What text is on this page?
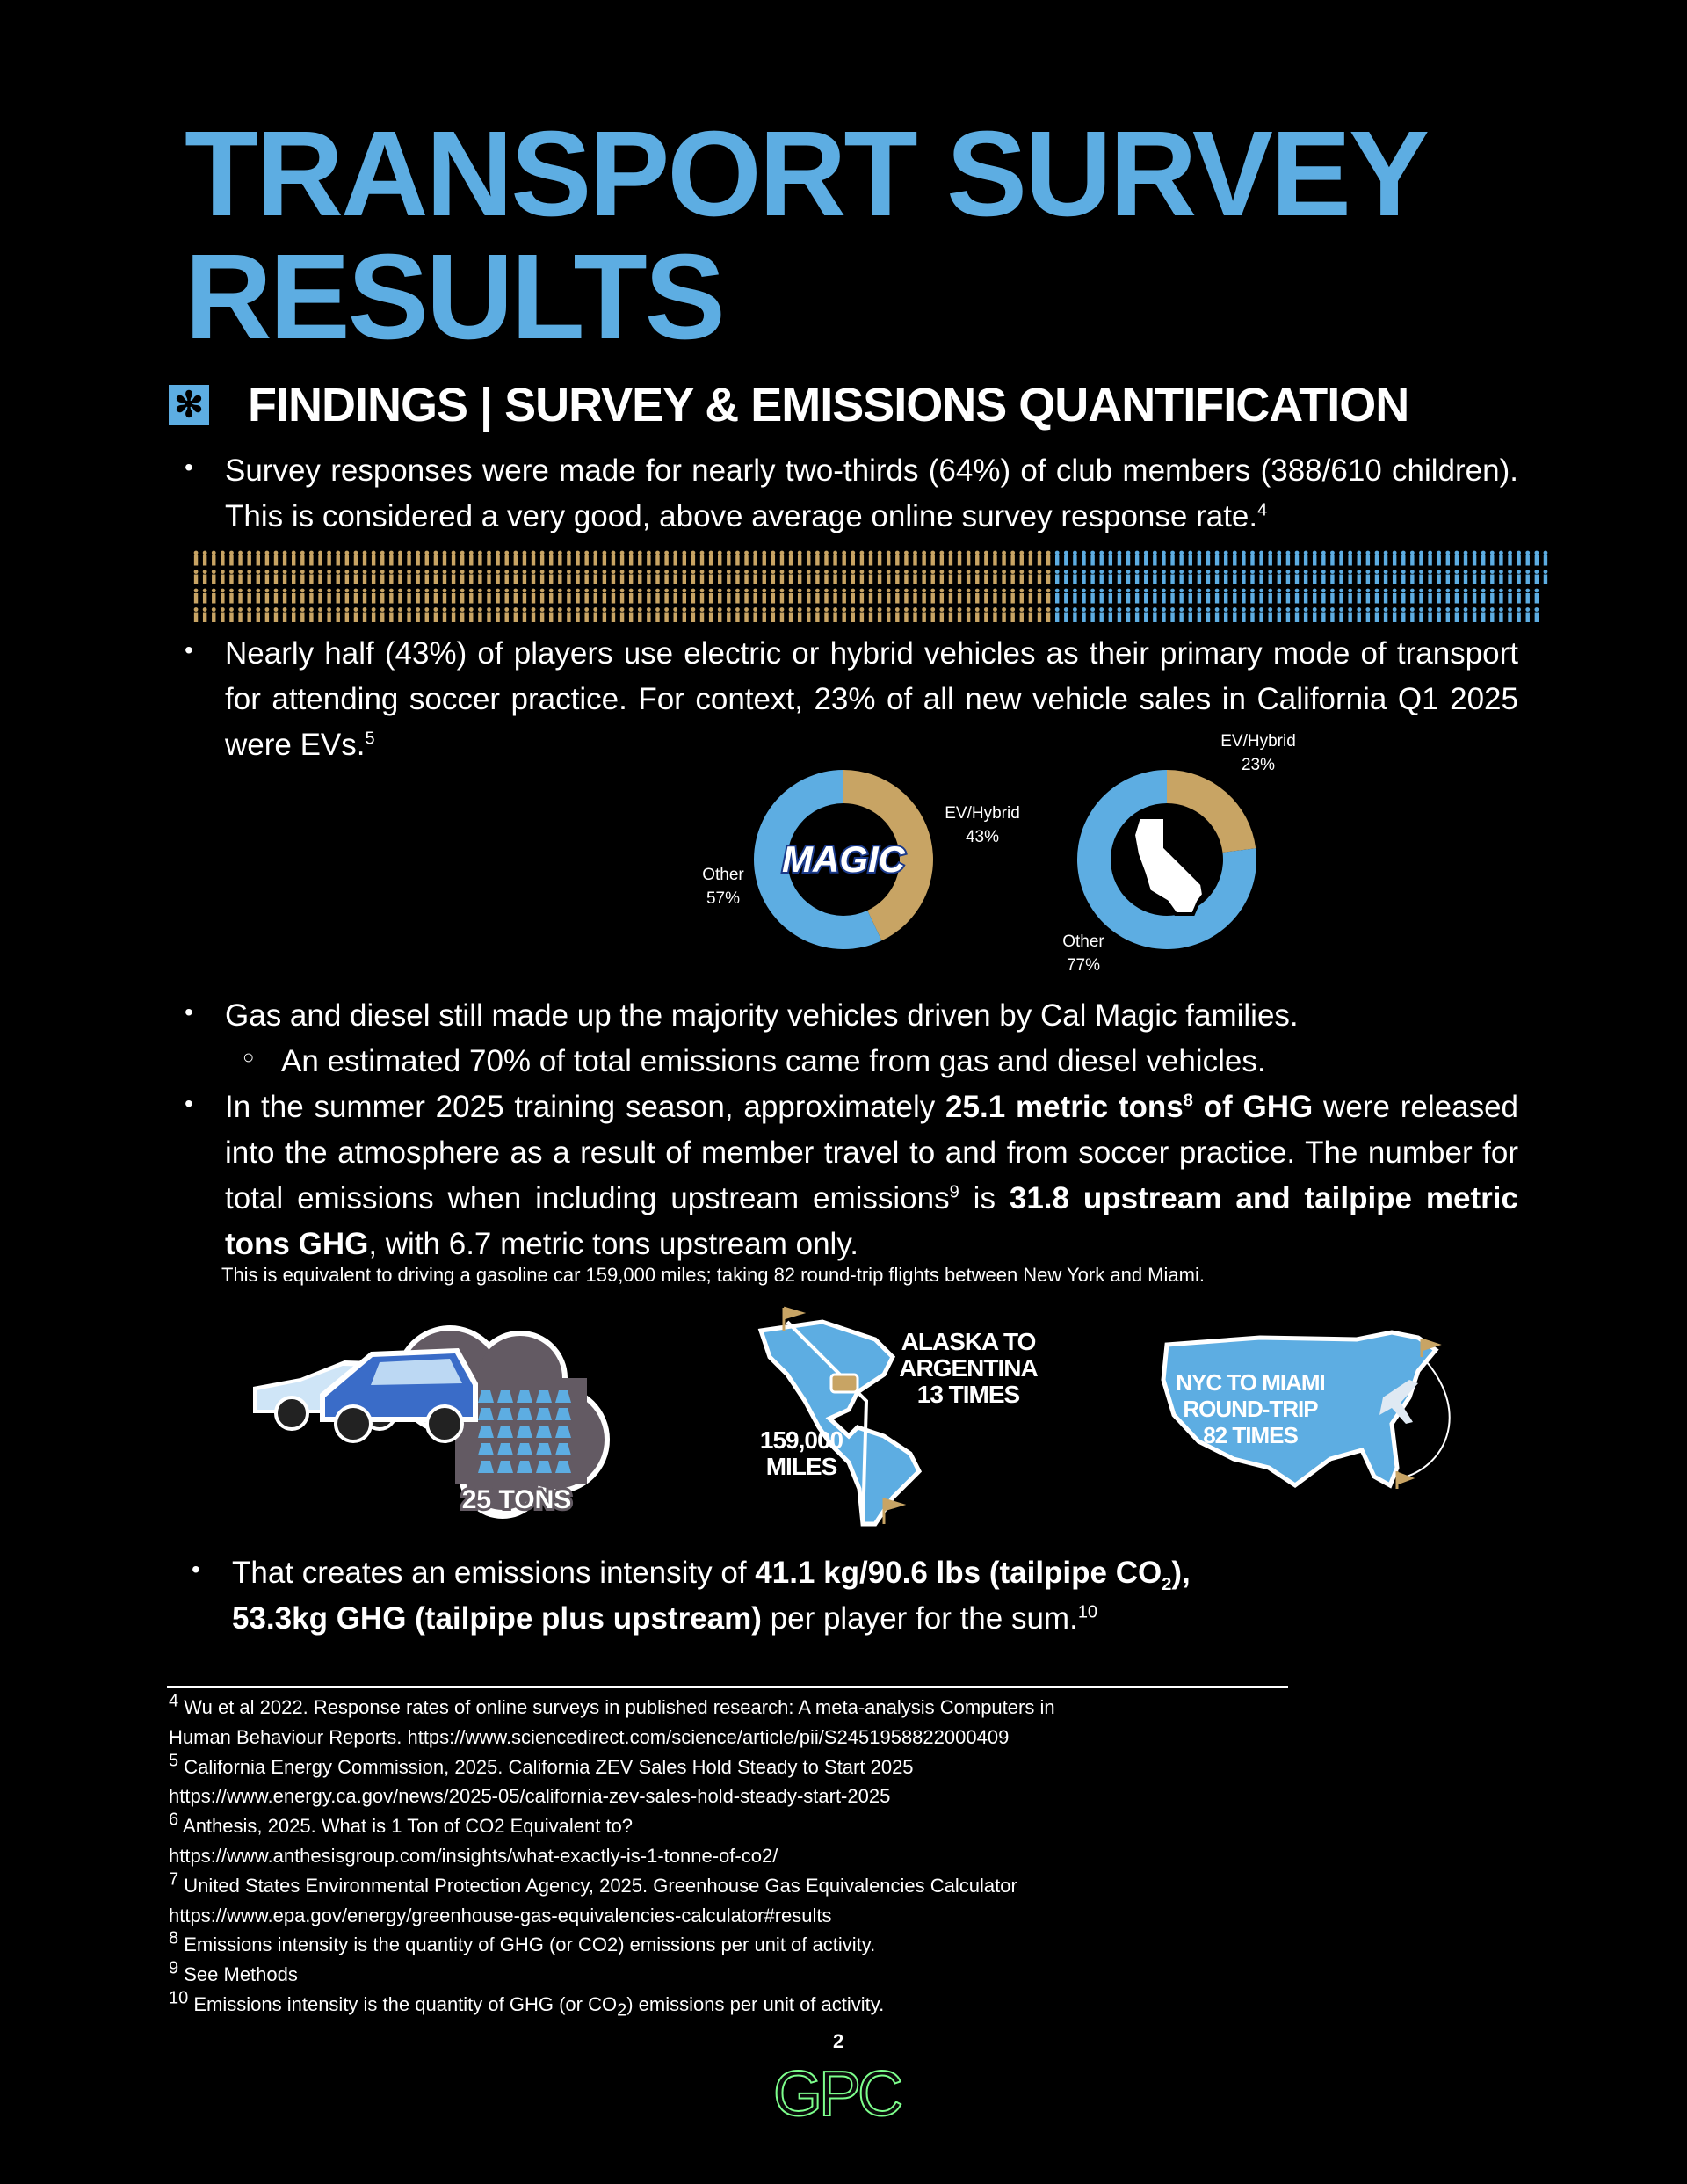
TRANSPORT SURVEY
RESULTS
✻ FINDINGS | SURVEY & EMISSIONS QUANTIFICATION
• Survey responses were made for nearly two-thirds (64%) of club members (388/610 children). This is considered a very good, above average online survey response rate.$^4$
• Nearly half (43%) of players use electric or hybrid vehicles as their primary mode of transport for attending soccer practice. For context, 23% of all new vehicle sales in California Q1 2025 were EVs.$^5$
MAGIC
EV/Hybrid
43%
Other
57%
EV/Hybrid
23%
Other
77%
• Gas and diesel still made up the majority vehicles driven by Cal Magic families.
○ An estimated 70% of total emissions came from gas and diesel vehicles.
• In the summer 2025 training season, approximately 25.1 metric tons$^8$ of GHG were released into the atmosphere as a result of member travel to and from soccer practice. The number for total emissions when including upstream emissions$^9$ is 31.8 upstream and tailpipe metric tons GHG, with 6.7 metric tons upstream only.
This is equivalent to driving a gasoline car 159,000 miles; taking 82 round-trip flights between New York and Miami.
25 TONS
ALASKA TO
ARGENTINA
13 TIMES
159,000
MILES
NYC TO MIAMI
ROUND-TRIP
82 TIMES
• That creates an emissions intensity of 41.1 kg/90.6 lbs (tailpipe $CO_2$),
53.3kg GHG (tailpipe plus upstream) per player for the sum.$^{10}$
4 Wu et al 2022. Response rates of online surveys in published research: A meta-analysis Computers in
Human Behaviour Reports. https://www.sciencedirect.com/science/article/pii/S2451958822000409
5 California Energy Commission, 2025. California ZEV Sales Hold Steady to Start 2025
https://www.energy.ca.gov/news/2025-05/california-zev-sales-hold-steady-start-2025
6 Anthesis, 2025. What is 1 Ton of CO2 Equivalent to?
https://www.anthesisgroup.com/insights/what-exactly-is-1-tonne-of-co2/
7 United States Environmental Protection Agency, 2025. Greenhouse Gas Equivalencies Calculator
https://www.epa.gov/energy/greenhouse-gas-equivalencies-calculator#results
8 Emissions intensity is the quantity of GHG (or CO2) emissions per unit of activity.
9 See Methods
10 Emissions intensity is the quantity of GHG (or CO2) emissions per unit of activity.
2
GPC
